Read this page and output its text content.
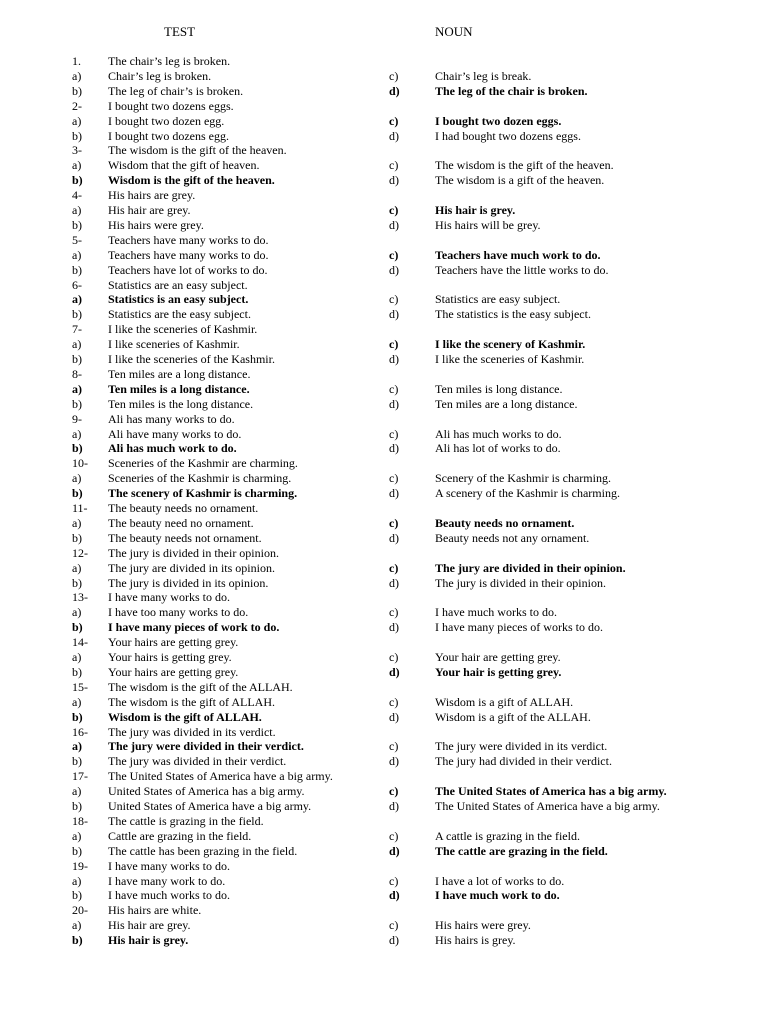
TEST	NOUN
1. The chair’s leg is broken.
a) Chair’s leg is broken.
b) The leg of chair’s is broken.
c)	Chair’s leg is break.
d)	The leg of the chair is broken.
2- I bought two dozens eggs.
a) I bought two dozen egg.
b) I bought two dozens egg.
c)	I bought two dozen eggs.
d)	I had bought two dozens eggs.
3- The wisdom is the gift of the heaven.
a) Wisdom that the gift of heaven.
b) Wisdom is the gift of the heaven.
c)	The wisdom is the gift of the heaven.
d)	The wisdom is a gift of the heaven.
4- His hairs are grey.
a) His hair are grey.
b) His hairs were grey.
c)	His hair is grey.
d)	His hairs will be grey.
5- Teachers have many works to do.
a) Teachers have many works to do.
b) Teachers have lot of works to do.
c)	Teachers have much work to do.
d)	Teachers have the little works to do.
6- Statistics are an easy subject.
a) Statistics is an easy subject.
b) Statistics are the easy subject.
c)	Statistics are easy subject.
d)	The statistics is the easy subject.
7- I like the sceneries of Kashmir.
a) I like sceneries of Kashmir.
b) I like the sceneries of the Kashmir.
c)	I like the scenery of Kashmir.
d)	I like the sceneries of Kashmir.
8- Ten miles are a long distance.
a) Ten miles is a long distance.
b) Ten miles is the long distance.
c)	Ten miles is long distance.
d)	Ten miles are a long distance.
9- Ali has many works to do.
a) Ali have many works to do.
b) Ali has much work to do.
c)	Ali has much works to do.
d)	Ali has lot of works to do.
10- Sceneries of the Kashmir are charming.
a) Sceneries of the Kashmir is charming.
b) The scenery of Kashmir is charming.
c)	Scenery of the Kashmir is charming.
d)	A scenery of the Kashmir is charming.
11- The beauty needs no ornament.
a) The beauty need no ornament.
b) The beauty needs not ornament.
c)	Beauty needs no ornament.
d)	Beauty needs not any ornament.
12- The jury is divided in their opinion.
a) The jury are divided in its opinion.
b) The jury is divided in its opinion.
c)	The jury are divided in their opinion.
d)	The jury is divided in their opinion.
13- I have many works to do.
a) I have too many works to do.
b) I have many pieces of work to do.
c)	I have much works to do.
d)	I have many pieces of works to do.
14- Your hairs are getting grey.
a) Your hairs is getting grey.
b) Your hairs are getting grey.
c)	Your hair are getting grey.
d)	Your hair is getting grey.
15- The wisdom is the gift of the ALLAH.
a) The wisdom is the gift of ALLAH.
b) Wisdom is the gift of ALLAH.
c)	Wisdom is a gift of ALLAH.
d)	Wisdom is a gift of the ALLAH.
16- The jury was divided in its verdict.
a) The jury were divided in their verdict.
b) The jury was divided in their verdict.
c)	The jury were divided in its verdict.
d)	The jury had divided in their verdict.
17- The United States of America have a big army.
a) United States of America has a big army.
b) United States of America have a big army.
c)	The United States of America has a big army.
d)	The United States of America have a big army.
18- The cattle is grazing in the field.
a) Cattle are grazing in the field.
b) The cattle has been grazing in the field.
c)	A cattle is grazing in the field.
d)	The cattle are grazing in the field.
19- I have many works to do.
a) I have many work to do.
b) I have much works to do.
c)	I have a lot of works to do.
d)	I have much work to do.
20- His hairs are white.
a) His hair are grey.
b) His hair is grey.
c)	His hairs were grey.
d)	His hairs is grey.
